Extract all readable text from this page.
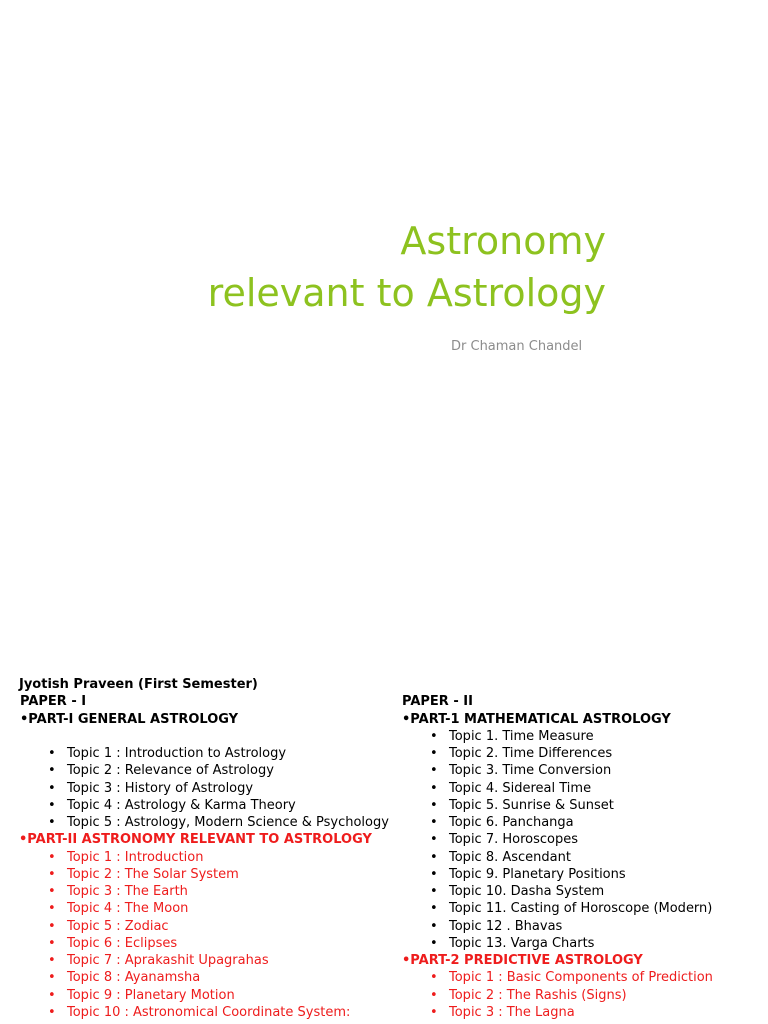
Astronomy
relevant to Astrology
Dr Chaman Chandel
Jyotish Praveen (First Semester)
PAPER - I
•PART-I GENERAL ASTROLOGY
• Topic 1 : Introduction to Astrology
• Topic 2 : Relevance of Astrology
• Topic 3 : History of Astrology
• Topic 4 : Astrology & Karma Theory
• Topic 5 : Astrology, Modern Science & Psychology
•PART-II ASTRONOMY RELEVANT TO ASTROLOGY
• Topic 1 : Introduction
• Topic 2 : The Solar System
• Topic 3 : The Earth
• Topic 4 : The Moon
• Topic 5 : Zodiac
• Topic 6 : Eclipses
• Topic 7 : Aprakashit Upagrahas
• Topic 8 : Ayanamsha
• Topic 9 : Planetary Motion
• Topic 10 : Astronomical Coordinate System:
PAPER - II
•PART-1 MATHEMATICAL ASTROLOGY
• Topic 1. Time Measure
• Topic 2. Time Differences
• Topic 3. Time Conversion
• Topic 4. Sidereal Time
• Topic 5. Sunrise & Sunset
• Topic 6. Panchanga
• Topic 7. Horoscopes
• Topic 8. Ascendant
• Topic 9. Planetary Positions
• Topic 10. Dasha System
• Topic 11. Casting of Horoscope (Modern)
• Topic 12 . Bhavas
• Topic 13. Varga Charts
•PART-2 PREDICTIVE ASTROLOGY
• Topic 1 : Basic Components of Prediction
• Topic 2 : The Rashis (Signs)
• Topic 3 : The Lagna
